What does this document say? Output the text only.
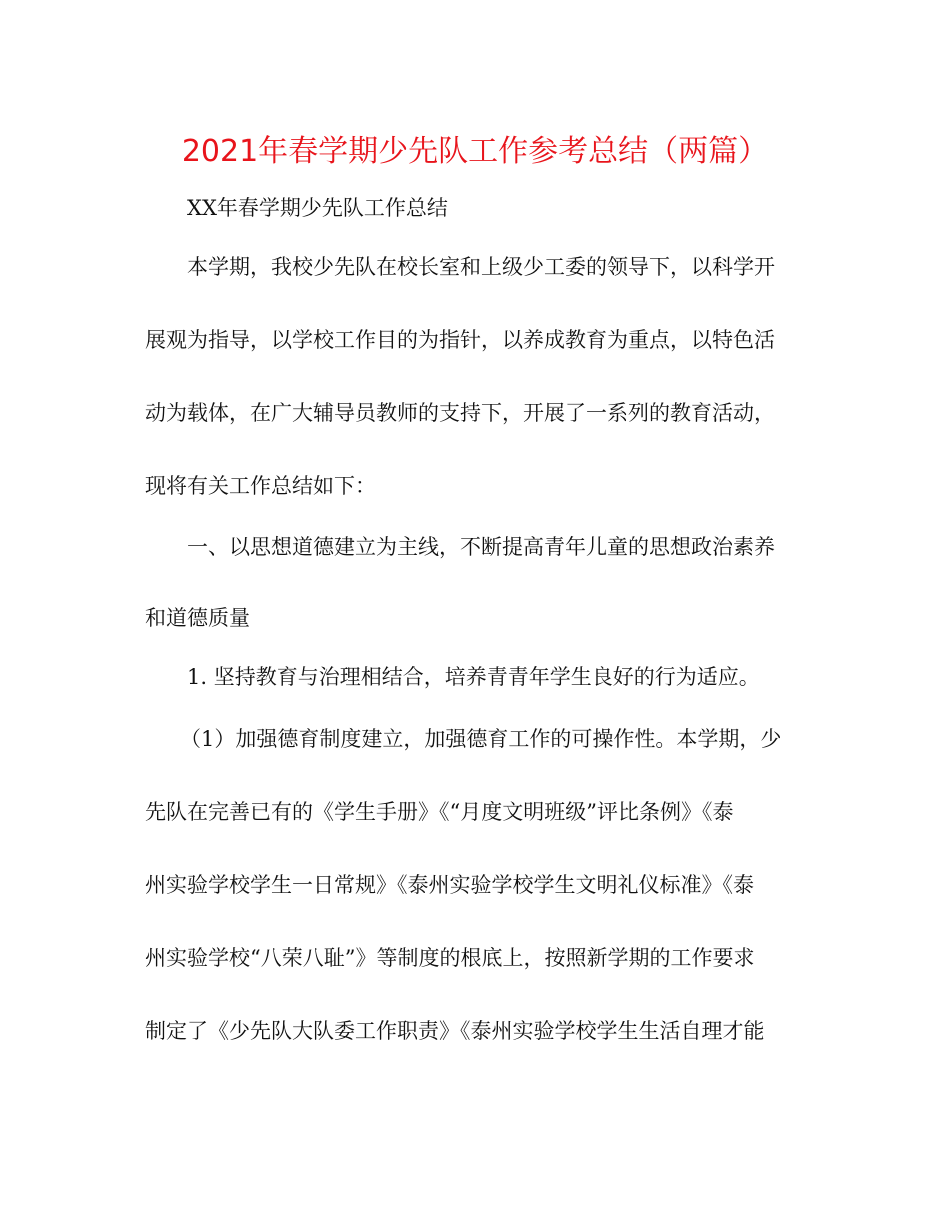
2021年春学期少先队工作参考总结（两篇）
XX年春学期少先队工作总结
本学期，我校少先队在校长室和上级少工委的领导下，以科学开
展观为指导，以学校工作目的为指针，以养成教育为重点，以特色活
动为载体，在广大辅导员教师的支持下，开展了一系列的教育活动，
现将有关工作总结如下：
一、以思想道德建立为主线，不断提高青年儿童的思想政治素养
和道德质量
1. 坚持教育与治理相结合，培养青青年学生良好的行为适应。
（1）加强德育制度建立，加强德育工作的可操作性。本学期，少
先队在完善已有的《学生手册》《“月度文明班级”评比条例》《泰
州实验学校学生一日常规》《泰州实验学校学生文明礼仪标准》《泰
州实验学校“八荣八耻”》等制度的根底上，按照新学期的工作要求
制定了《少先队大队委工作职责》《泰州实验学校学生生活自理才能
